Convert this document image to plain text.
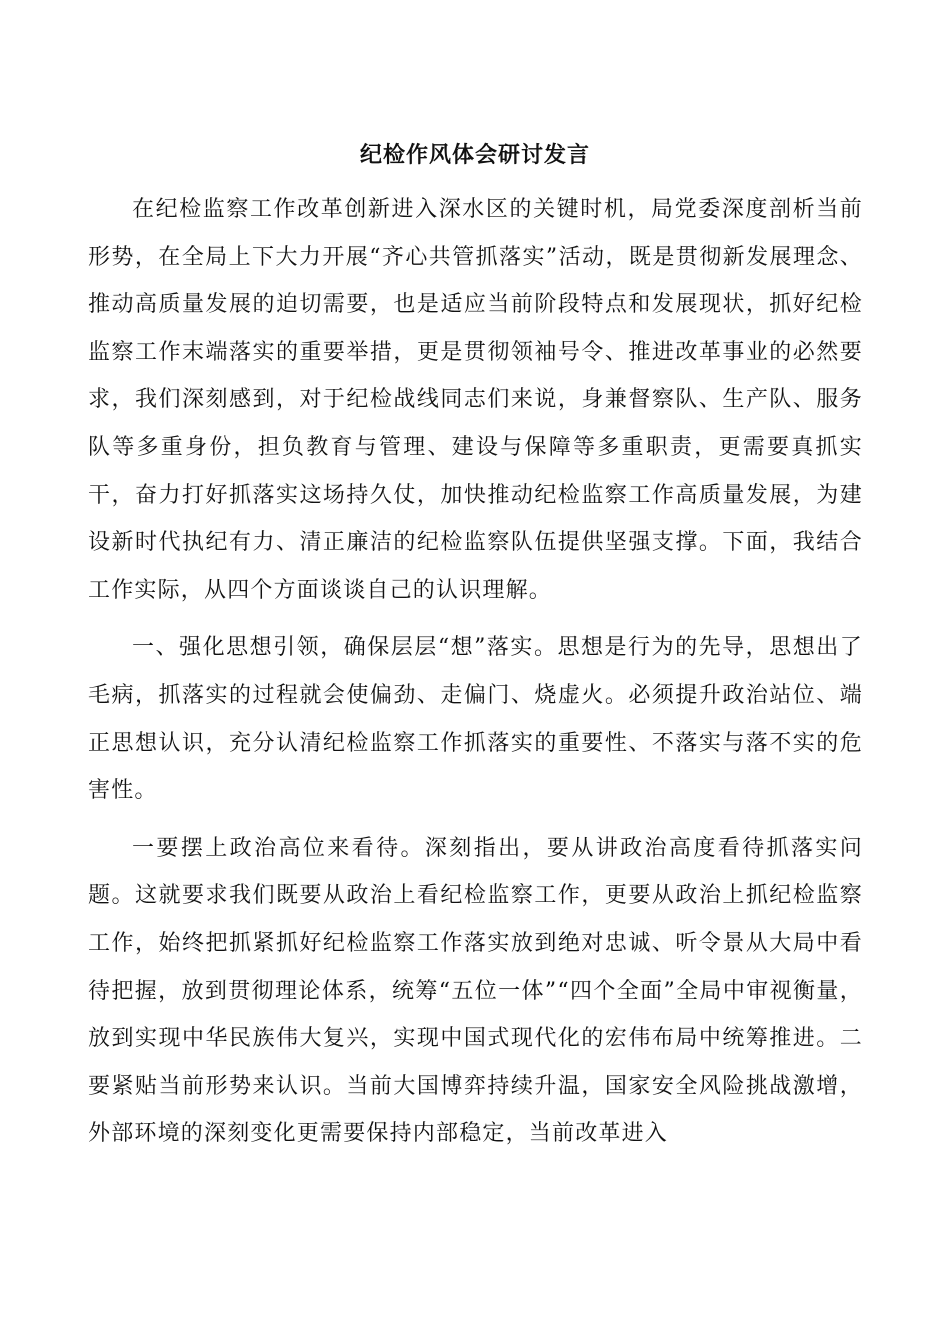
纪检作风体会研讨发言

在纪检监察工作改革创新进入深水区的关键时机，局党委深度剖析当前形势，在全局上下大力开展“齐心共管抓落实”活动，既是贯彻新发展理念、推动高质量发展的迫切需要，也是适应当前阶段特点和发展现状，抓好纪检监察工作末端落实的重要举措，更是贯彻领袖号令、推进改革事业的必然要求，我们深刻感到，对于纪检战线同志们来说，身兼督察队、生产队、服务队等多重身份，担负教育与管理、建设与保障等多重职责，更需要真抓实干，奋力打好抓落实这场持久仗，加快推动纪检监察工作高质量发展，为建设新时代执纪有力、清正廉洁的纪检监察队伍提供坚强支撑。下面，我结合工作实际，从四个方面谈谈自己的认识理解。

一、强化思想引领，确保层层“想”落实。思想是行为的先导，思想出了毛病，抓落实的过程就会使偏劲、走偏门、烧虚火。必须提升政治站位、端正思想认识，充分认清纪检监察工作抓落实的重要性、不落实与落不实的危害性。

一要摆上政治高位来看待。深刻指出，要从讲政治高度看待抓落实问题。这就要求我们既要从政治上看纪检监察工作，更要从政治上抓纪检监察工作，始终把抓紧抓好纪检监察工作落实放到绝对忠诚、听令景从大局中看待把握，放到贯彻理论体系，统筹“五位一体”“四个全面”全局中审视衡量，放到实现中华民族伟大复兴，实现中国式现代化的宏伟布局中统筹推进。二要紧贴当前形势来认识。当前大国博弈持续升温，国家安全风险挑战激增，外部环境的深刻变化更需要保持内部稳定，当前改革进入
